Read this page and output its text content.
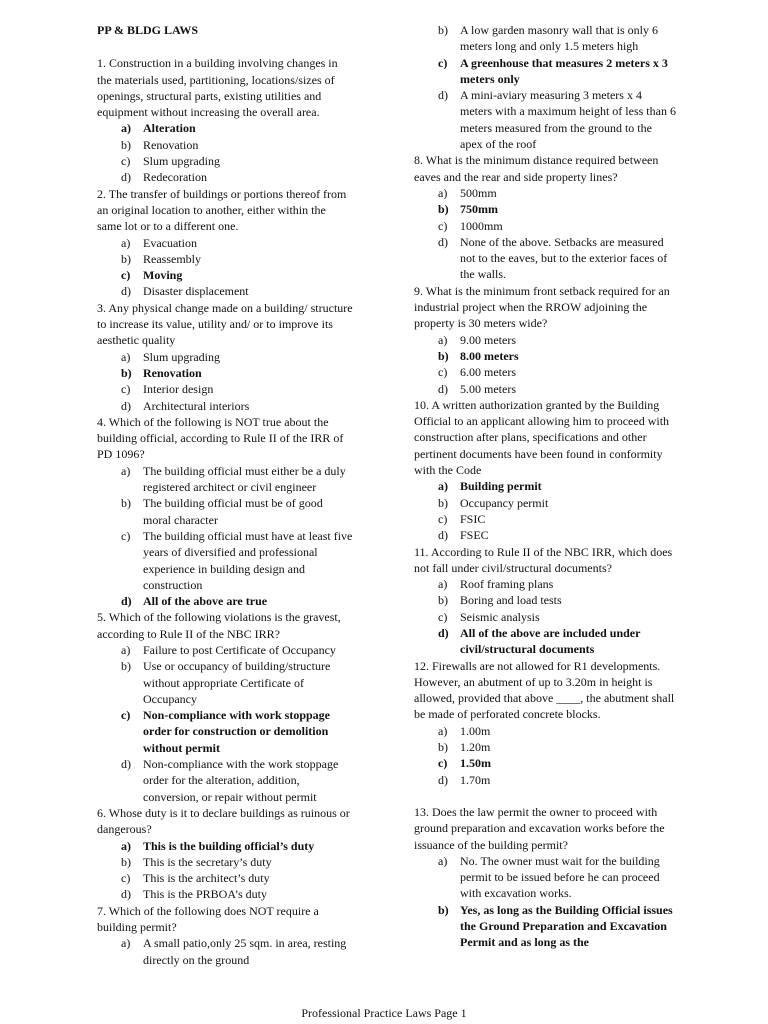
PP & BLDG LAWS

1. Construction in a building involving changes in the materials used, partitioning, locations/sizes of openings, structural parts, existing utilities and equipment without increasing the overall area.

a)	Alteration
b)	Renovation
c)	Slum upgrading
d)	Redecoration

2. The transfer of buildings or portions thereof from an original location to another, either within the same lot or to a different one.

a)	Evacuation
b)	Reassembly
c)	Moving
d)	Disaster displacement

3. Any physical change made on a building/ structure to increase its value, utility and/ or to improve its aesthetic quality

a)	Slum upgrading
b) Renovation
c)	Interior design
d)	Architectural interiors

4. Which of the following is NOT true about the building official, according to Rule II of the IRR of PD 1096?

a)	The building official must either be a duly registered architect or civil engineer
b)	The building official must be of good moral character
c)	The building official must have at least five years of diversified and professional experience in building design and construction
d) All of the above are true

5. Which of the following violations is the gravest, according to Rule II of the NBC IRR?

a)	Failure to post Certificate of Occupancy
b)	Use or occupancy of building/structure without appropriate Certificate of Occupancy
c)	Non-compliance with work stoppage order for construction or demolition without permit
d)	Non-compliance with the work stoppage order for the alteration, addition, conversion, or repair without permit

6. Whose duty is it to declare buildings as ruinous or dangerous?

a)	This is the building official’s duty
b)	This is the secretary’s duty
c)	This is the architect’s duty
d)	This is the PRBOA’s duty

7. Which of the following does NOT require a building permit?

a)	A small patio,only 25 sqm. in area, resting directly on the ground
b)	A low garden masonry wall that is only 6 meters long and only 1.5 meters high
c)	A greenhouse that measures 2 meters x 3 meters only
d)	A mini-aviary measuring 3 meters x 4 meters with a maximum height of less than 6 meters measured from the ground to the apex of the roof

8. What is the minimum distance required between eaves and the rear and side property lines?

a)	500mm
b) 750mm
c)	1000mm
d)	None of the above. Setbacks are measured not to the eaves, but to the exterior faces of the walls.

9. What is the minimum front setback required for an industrial project when the RROW adjoining the property is 30 meters wide?

a)	9.00 meters
b) 8.00 meters
c)	6.00 meters
d)	5.00 meters

10. A written authorization granted by the Building Official to an applicant allowing him to proceed with construction after plans, specifications and other pertinent documents have been found in conformity with the Code

a)	Building permit
b)	Occupancy permit
c)	FSIC
d)	FSEC

11. According to Rule II of the NBC IRR, which does not fall under civil/structural documents?

a)	Roof framing plans
b)	Boring and load tests
c)	Seismic analysis
d) All of the above are included under civil/structural documents

12. Firewalls are not allowed for R1 developments. However, an abutment of up to 3.20m in height is allowed, provided that above ____, the abutment shall be made of perforated concrete blocks.

a)	1.00m
b)	1.20m
c)	1.50m
d)	1.70m

13. Does the law permit the owner to proceed with ground preparation and excavation works before the issuance of the building permit?

a)	No. The owner must wait for the building permit to be issued before he can proceed with excavation works.
b) Yes, as long as the Building Official issues the Ground Preparation and Excavation Permit and as long as the
Professional Practice Laws Page 1
